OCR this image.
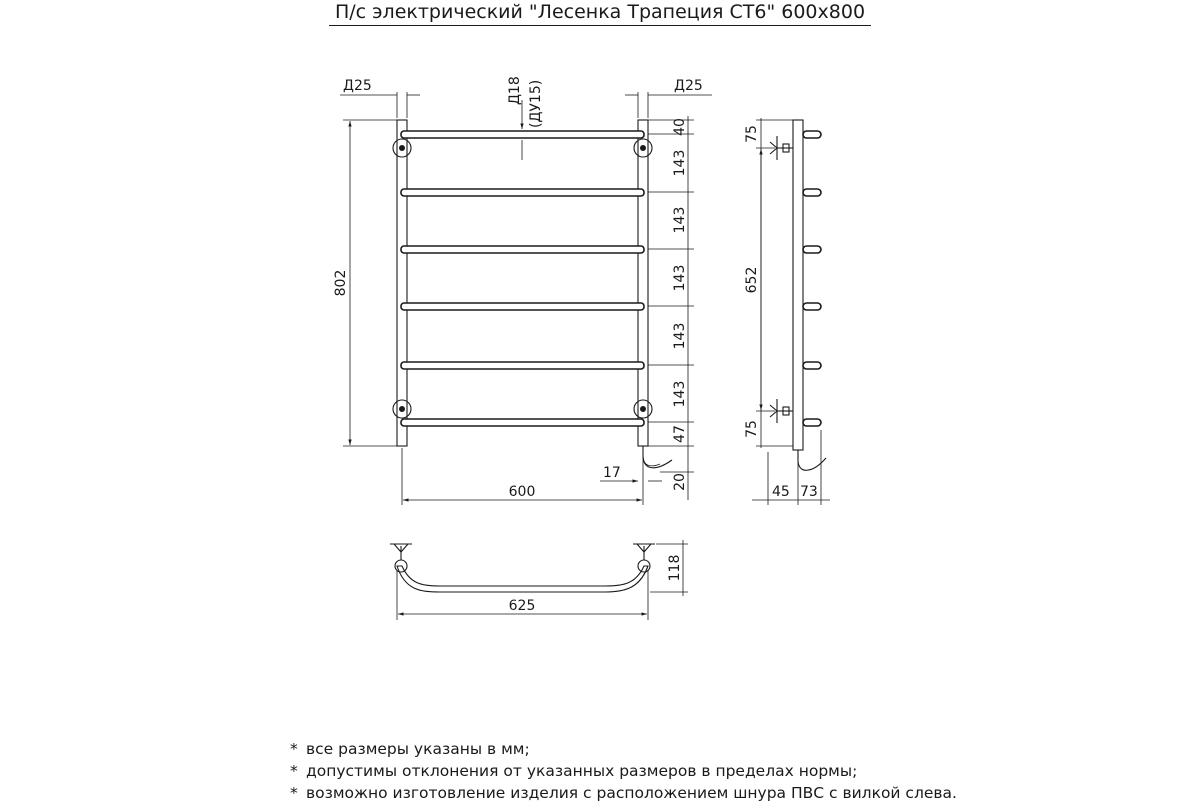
П/с электрический "Лесенка Трапеция СТ6" 600x800
Д25	Д25
Д18 (ДУ15)
802
40
143
143
143
143
143
47
20
17
600
75
652
75
45 73
625
118
* все размеры указаны в мм;
* допустимы отклонения от указанных размеров в пределах нормы;
* возможно изготовление изделия с расположением шнура ПВС с вилкой слева.
